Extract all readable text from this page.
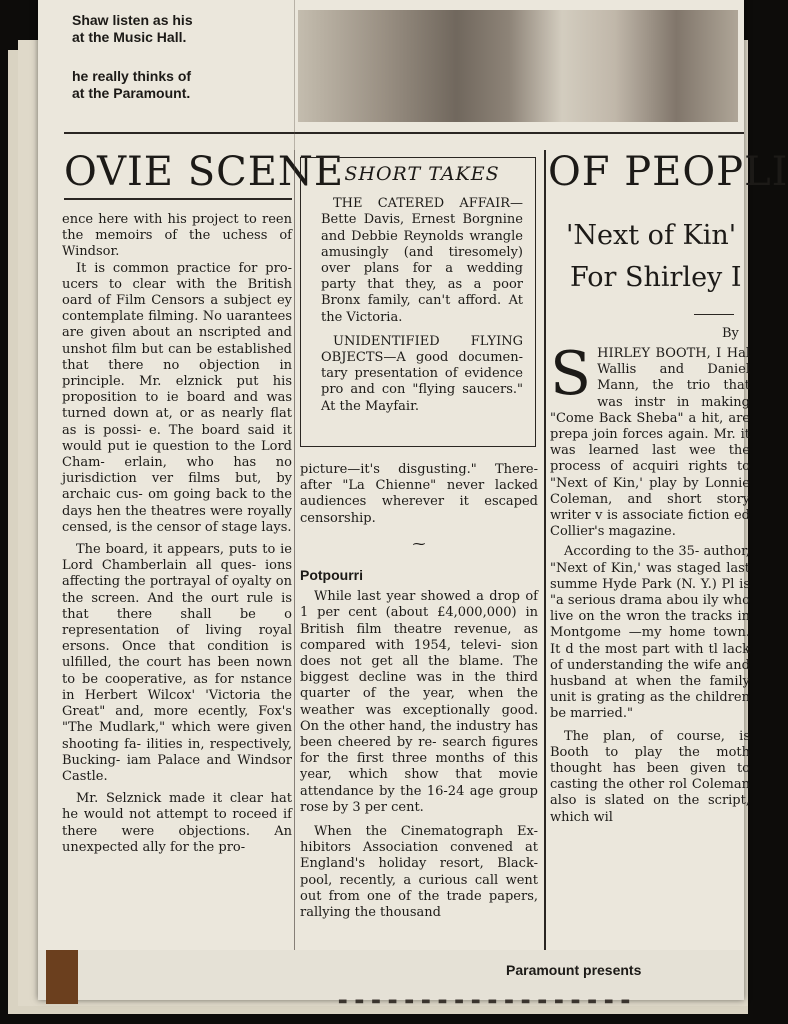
Shaw listen as his
at the Music Hall.
he really thinks of
at the Paramount.
OVIE SCENE	OF PEOPLI

ence here with his project to reen the memoirs of the uchess of Windsor.

It is common practice for pro- ucers to clear with the British oard of Film Censors a subject ey contemplate filming. No uarantees are given about an nscripted and unshot film but can be established that there no objection in principle. Mr. elznick put his proposition to ie board and was turned down at, or as nearly flat as is possi- e. The board said it would put ie question to the Lord Cham- erlain, who has no jurisdiction ver films but, by archaic cus- om going back to the days hen the theatres were royally censed, is the censor of stage lays.

The board, it appears, puts to ie Lord Chamberlain all ques- ions affecting the portrayal of oyalty on the screen. And the ourt rule is that there shall be o representation of living royal ersons. Once that condition is ulfilled, the court has been nown to be cooperative, as for nstance in Herbert Wilcox' 'Victoria the Great" and, more ecently, Fox's "The Mudlark," which were given shooting fa- ilities in, respectively, Bucking- iam Palace and Windsor Castle.

Mr. Selznick made it clear hat he would not attempt to roceed if there were objections. An unexpected ally for the pro-

SHORT TAKES

THE CATERED AFFAIR— Bette Davis, Ernest Borgnine and Debbie Reynolds wrangle amusingly (and tiresomely) over plans for a wedding party that they, as a poor Bronx family, can't afford. At the Victoria.

UNIDENTIFIED FLYING OBJECTS—A good documen- tary presentation of evidence pro and con "flying saucers." At the Mayfair.

picture—it's disgusting." There- after "La Chienne" never lacked audiences wherever it escaped censorship.

⁓

Potpourri

While last year showed a drop of 1 per cent (about £4,000,000) in British film theatre revenue, as compared with 1954, televi- sion does not get all the blame. The biggest decline was in the third quarter of the year, when the weather was exceptionally good. On the other hand, the industry has been cheered by re- search figures for the first three months of this year, which show that movie attendance by the 16-24 age group rose by 3 per cent.

When the Cinematograph Ex- hibitors Association convened at England's holiday resort, Black- pool, recently, a curious call went out from one of the trade papers, rallying the thousand

'Next of Kin'
For Shirley I
By

S HIRLEY BOOTH, I Hal Wallis and Daniel Mann, the trio that was instr in making "Come Back Sheba" a hit, are prepa join forces again. Mr. it was learned last wee the process of acquiri rights to "Next of Kin,' play by Lonnie Coleman, and short story writer v is associate fiction ed Collier's magazine.

According to the 35- author, "Next of Kin,' was staged last summe Hyde Park (N. Y.) Pl is "a serious drama abou ily who live on the wron the tracks in Montgome —my home town. It d the most part with tl lack of understanding the wife and husband at when the family unit is grating as the children be married."

The plan, of course, is Booth to play the moth thought has been given to casting the other rol Coleman also is slated on the script, which wil

Paramount presents
▬ ▬ ▬ ▬ ▬ ▬ ▬ ▬ ▬ ▬ ▬ ▬ ▬ ▬ ▬ ▬ ▬ ▬
